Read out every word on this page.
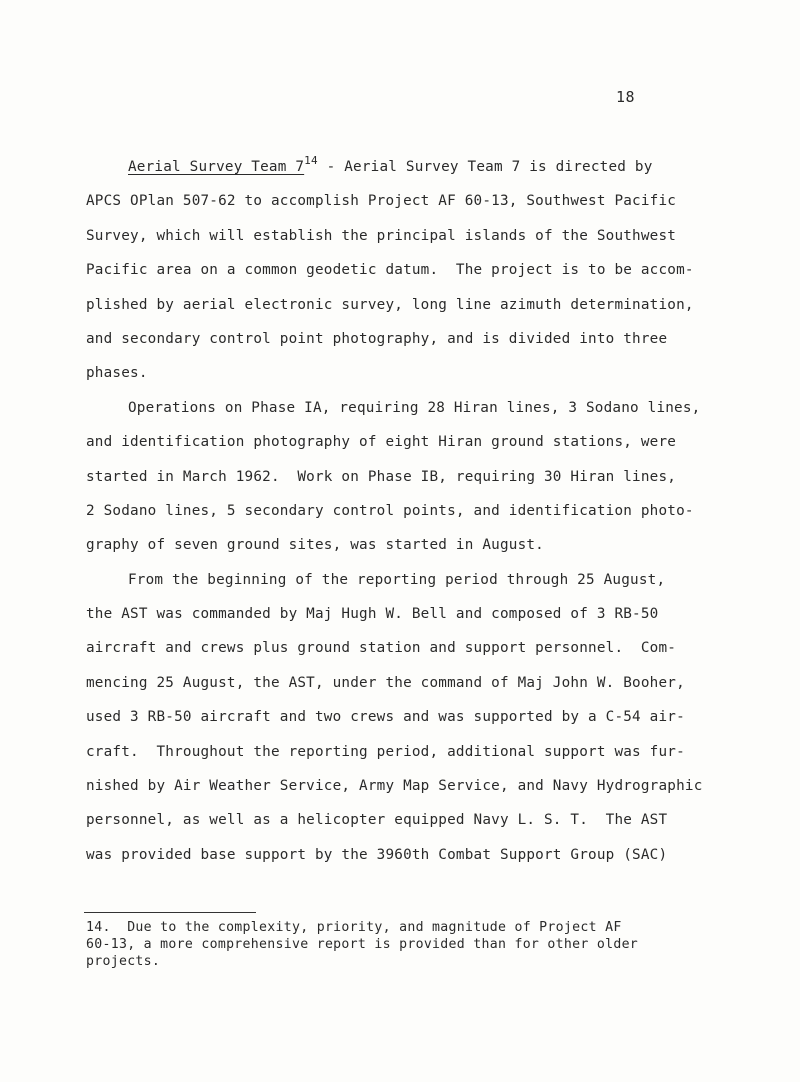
18
Aerial Survey Team $7^{14}$ - Aerial Survey Team 7 is directed by
APCS OPlan 507-62 to accomplish Project AF 60-13, Southwest Pacific
Survey, which will establish the principal islands of the Southwest
Pacific area on a common geodetic datum.  The project is to be accom-
plished by aerial electronic survey, long line azimuth determination,
and secondary control point photography, and is divided into three
phases.
Operations on Phase IA, requiring 28 Hiran lines, 3 Sodano lines,
and identification photography of eight Hiran ground stations, were
started in March 1962.  Work on Phase IB, requiring 30 Hiran lines,
2 Sodano lines, 5 secondary control points, and identification photo-
graphy of seven ground sites, was started in August.
From the beginning of the reporting period through 25 August,
the AST was commanded by Maj Hugh W. Bell and composed of 3 RB-50
aircraft and crews plus ground station and support personnel.  Com-
mencing 25 August, the AST, under the command of Maj John W. Booher,
used 3 RB-50 aircraft and two crews and was supported by a C-54 air-
craft.  Throughout the reporting period, additional support was fur-
nished by Air Weather Service, Army Map Service, and Navy Hydrographic
personnel, as well as a helicopter equipped Navy L. S. T.  The AST
was provided base support by the 3960th Combat Support Group (SAC)
14.  Due to the complexity, priority, and magnitude of Project AF
60-13, a more comprehensive report is provided than for other older
projects.
